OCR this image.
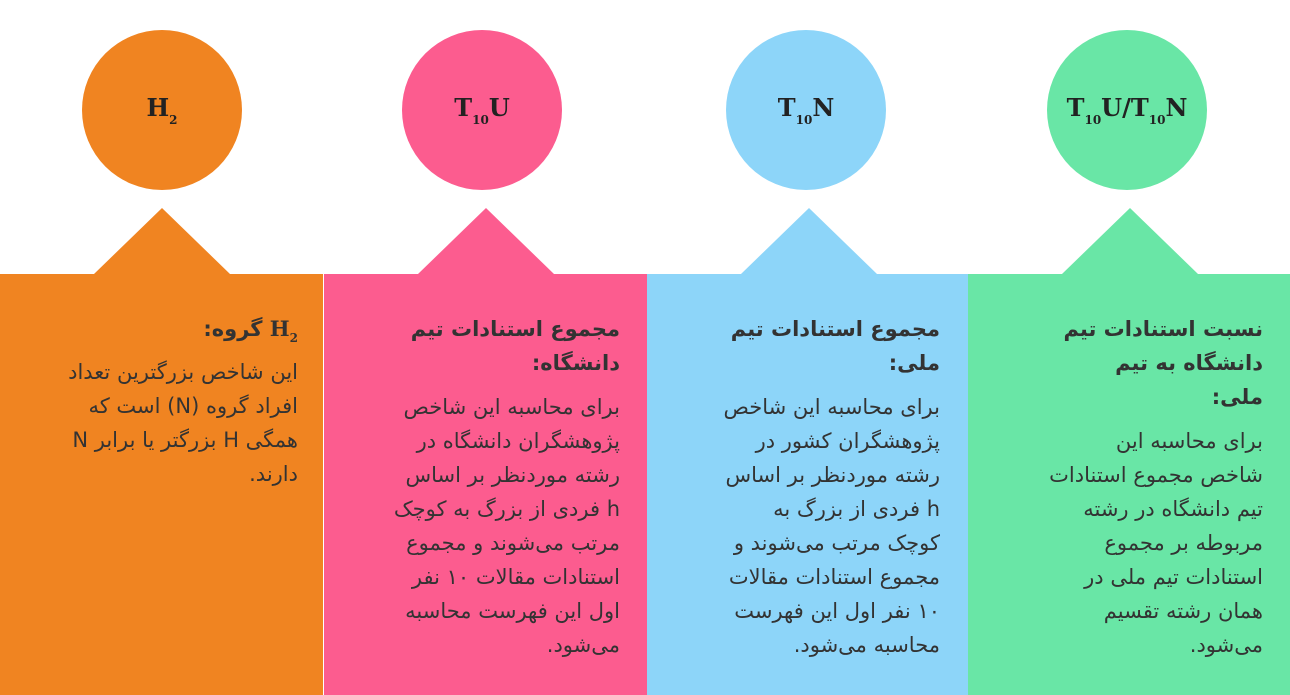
$H_2$	$T_{10}U$	$T_{10}N$	$T_{10}U/T_{10}N$
$H_2$ گروه:
این شاخص بزرگترین تعداد افراد گروه (N) است که همگی H بزرگتر یا برابر N دارند.
مجموع استنادات تیم دانشگاه:
برای محاسبه این شاخص پژوهشگران دانشگاه در رشته موردنظر بر اساس h فردی از بزرگ به کوچک مرتب می‌شوند و مجموع استنادات مقالات ۱۰ نفر اول این فهرست محاسبه می‌شود.
مجموع استنادات تیم ملی:
برای محاسبه این شاخص پژوهشگران کشور در رشته موردنظر بر اساس h فردی از بزرگ به کوچک مرتب می‌شوند و مجموع استنادات مقالات ۱۰ نفر اول این فهرست محاسبه می‌شود.
نسبت استنادات تیم دانشگاه به تیم ملی:
برای محاسبه این شاخص مجموع استنادات تیم دانشگاه در رشته مربوطه بر مجموع استنادات تیم ملی در همان رشته تقسیم می‌شود.
